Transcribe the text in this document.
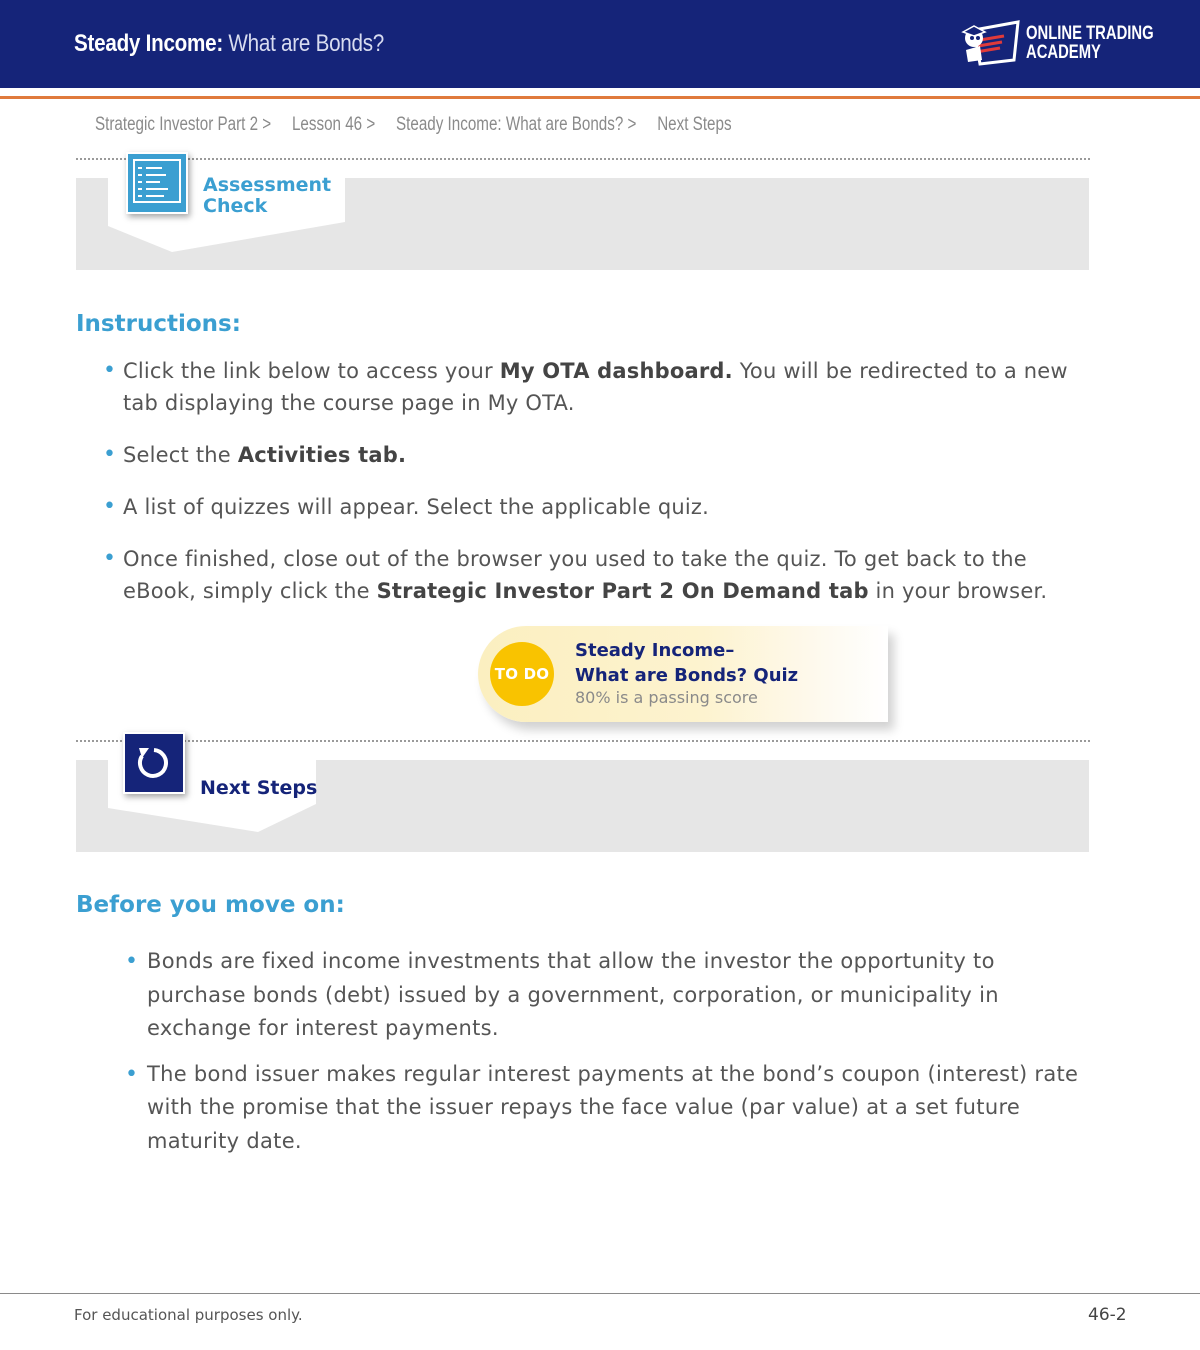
Steady Income: What are Bonds?	ONLINE TRADING
ACADEMY
Strategic Investor Part 2 > Lesson 46 > Steady Income: What are Bonds? > Next Steps
Assessment
Check
Instructions:
• Click the link below to access your My OTA dashboard. You will be redirected to a new tab displaying the course page in My OTA.
• Select the Activities tab.
• A list of quizzes will appear. Select the applicable quiz.
• Once finished, close out of the browser you used to take the quiz. To get back to the eBook, simply click the Strategic Investor Part 2 On Demand tab in your browser.
TO DO
Steady Income–
What are Bonds? Quiz
80% is a passing score
Next Steps
Before you move on:
• Bonds are fixed income investments that allow the investor the opportunity to purchase bonds (debt) issued by a government, corporation, or municipality in exchange for interest payments.
• The bond issuer makes regular interest payments at the bond’s coupon (interest) rate with the promise that the issuer repays the face value (par value) at a set future maturity date.
For educational purposes only.	46-2
